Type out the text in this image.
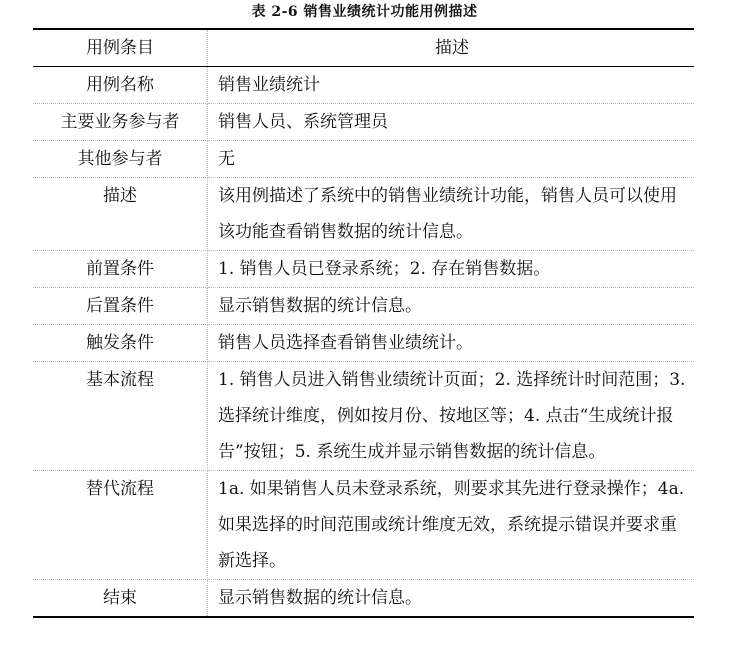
表 2-6 销售业绩统计功能用例描述
用例条目	描述

用例名称	销售业绩统计

主要业务参与者	销售人员、系统管理员

其他参与者	无

描述	该用例描述了系统中的销售业绩统计功能，销售人员可以使用该功能查看销售数据的统计信息。

前置条件	1. 销售人员已登录系统；2. 存在销售数据。

后置条件	显示销售数据的统计信息。

触发条件	销售人员选择查看销售业绩统计。

基本流程	1. 销售人员进入销售业绩统计页面；2. 选择统计时间范围；3. 选择统计维度，例如按月份、按地区等；4. 点击“生成统计报告”按钮；5. 系统生成并显示销售数据的统计信息。

替代流程	1a. 如果销售人员未登录系统，则要求其先进行登录操作；4a. 如果选择的时间范围或统计维度无效，系统提示错误并要求重新选择。

结束	显示销售数据的统计信息。
